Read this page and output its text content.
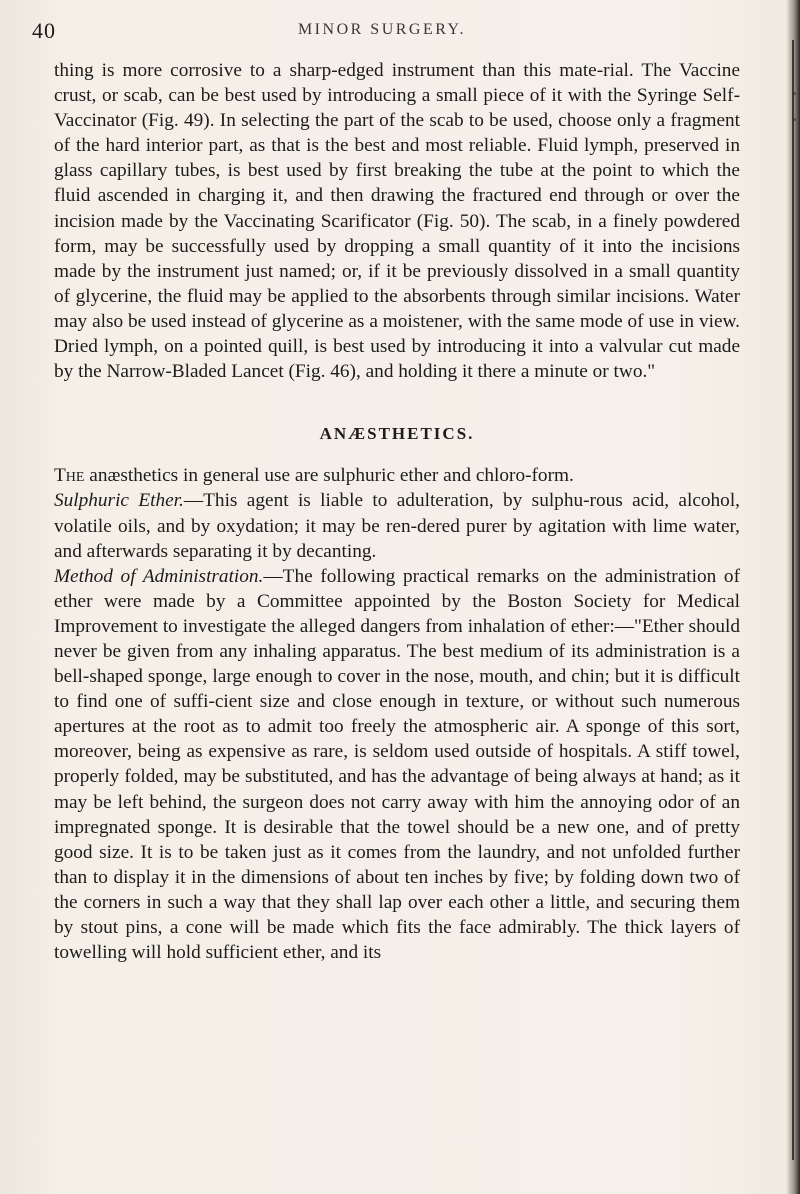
40	MINOR SURGERY.

thing is more corrosive to a sharp-edged instrument than this mate-rial. The Vaccine crust, or scab, can be best used by introducing a small piece of it with the Syringe Self-Vaccinator (Fig. 49). In selecting the part of the scab to be used, choose only a fragment of the hard interior part, as that is the best and most reliable. Fluid lymph, preserved in glass capillary tubes, is best used by first breaking the tube at the point to which the fluid ascended in charging it, and then drawing the fractured end through or over the incision made by the Vaccinating Scarificator (Fig. 50). The scab, in a finely powdered form, may be successfully used by dropping a small quantity of it into the incisions made by the instrument just named; or, if it be previously dissolved in a small quantity of glycerine, the fluid may be applied to the absorbents through similar incisions. Water may also be used instead of glycerine as a moistener, with the same mode of use in view. Dried lymph, on a pointed quill, is best used by introducing it into a valvular cut made by the Narrow-Bladed Lancet (Fig. 46), and holding it there a minute or two."

ANÆSTHETICS.

The anæsthetics in general use are sulphuric ether and chloro-form.

Sulphuric Ether.—This agent is liable to adulteration, by sulphu-rous acid, alcohol, volatile oils, and by oxydation; it may be ren-dered purer by agitation with lime water, and afterwards separating it by decanting.

Method of Administration.—The following practical remarks on the administration of ether were made by a Committee appointed by the Boston Society for Medical Improvement to investigate the alleged dangers from inhalation of ether:—"Ether should never be given from any inhaling apparatus. The best medium of its administration is a bell-shaped sponge, large enough to cover in the nose, mouth, and chin; but it is difficult to find one of suffi-cient size and close enough in texture, or without such numerous apertures at the root as to admit too freely the atmospheric air. A sponge of this sort, moreover, being as expensive as rare, is seldom used outside of hospitals. A stiff towel, properly folded, may be substituted, and has the advantage of being always at hand; as it may be left behind, the surgeon does not carry away with him the annoying odor of an impregnated sponge. It is desirable that the towel should be a new one, and of pretty good size. It is to be taken just as it comes from the laundry, and not unfolded further than to display it in the dimensions of about ten inches by five; by folding down two of the corners in such a way that they shall lap over each other a little, and securing them by stout pins, a cone will be made which fits the face admirably. The thick layers of towelling will hold sufficient ether, and its
